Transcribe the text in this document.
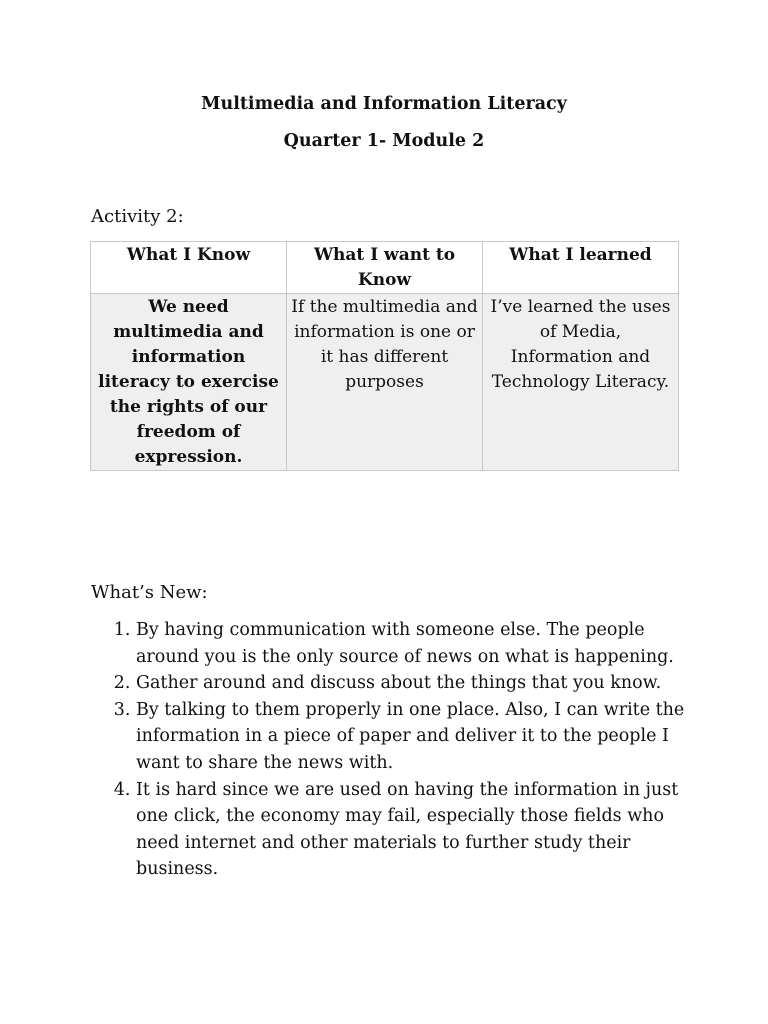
Multimedia and Information Literacy
Quarter 1- Module 2
Activity 2:
What I Know	What I want to Know	What I learned
We need multimedia and information literacy to exercise the rights of our freedom of expression.	If the multimedia and information is one or it has different purposes	I’ve learned the uses of Media, Information and Technology Literacy.
What’s New:
1. By having communication with someone else. The people around you is the only source of news on what is happening.
2. Gather around and discuss about the things that you know.
3. By talking to them properly in one place. Also, I can write the information in a piece of paper and deliver it to the people I want to share the news with.
4. It is hard since we are used on having the information in just one click, the economy may fail, especially those fields who need internet and other materials to further study their business.
